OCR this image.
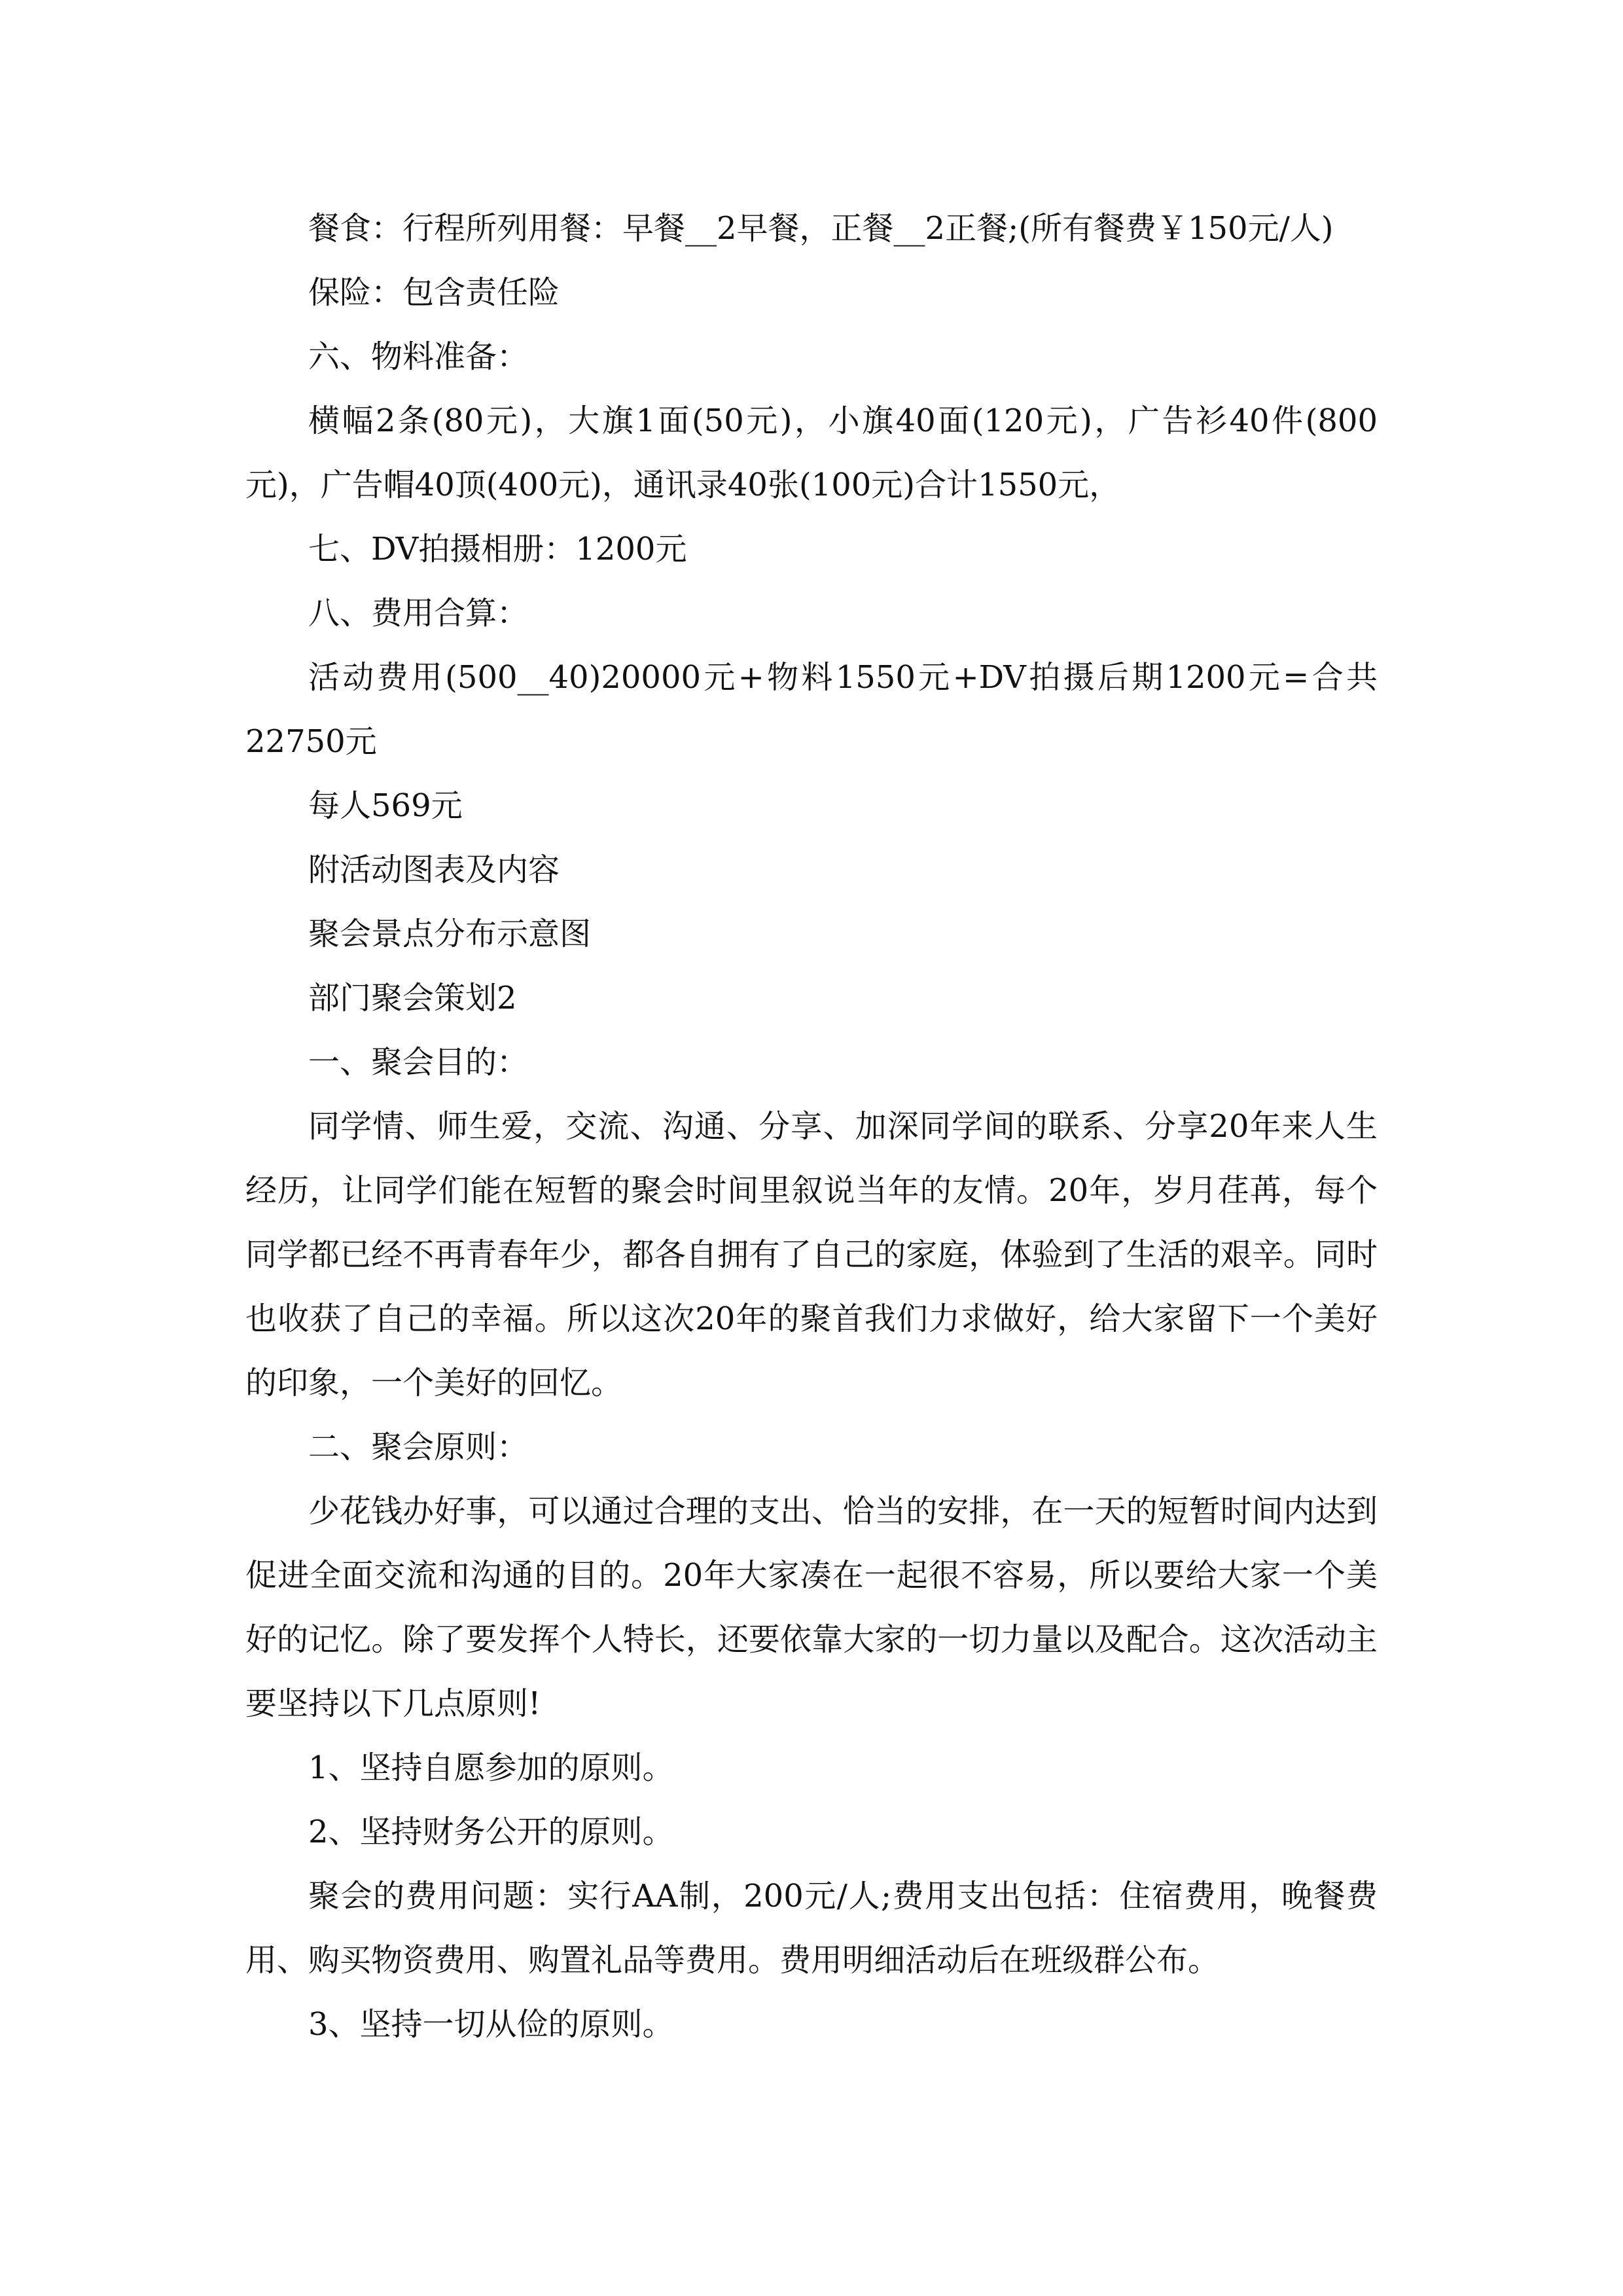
餐食：行程所列用餐：早餐__2早餐，正餐__2正餐;(所有餐费￥150元/人)

保险：包含责任险

六、物料准备：

横幅2条(80元)，大旗1面(50元)，小旗40面(120元)，广告衫40件(800元)，广告帽40顶(400元)，通讯录40张(100元)合计1550元，

七、DV拍摄相册：1200元

八、费用合算：

活动费用(500__40)20000元+物料1550元+DV拍摄后期1200元=合共22750元

每人569元

附活动图表及内容

聚会景点分布示意图

部门聚会策划2

一、聚会目的：

同学情、师生爱，交流、沟通、分享、加深同学间的联系、分享20年来人生经历，让同学们能在短暂的聚会时间里叙说当年的友情。20年，岁月荏苒，每个同学都已经不再青春年少，都各自拥有了自己的家庭，体验到了生活的艰辛。同时也收获了自己的幸福。所以这次20年的聚首我们力求做好，给大家留下一个美好的印象，一个美好的回忆。

二、聚会原则：

少花钱办好事，可以通过合理的支出、恰当的安排，在一天的短暂时间内达到促进全面交流和沟通的目的。20年大家凑在一起很不容易，所以要给大家一个美好的记忆。除了要发挥个人特长，还要依靠大家的一切力量以及配合。这次活动主要坚持以下几点原则!

1、坚持自愿参加的原则。

2、坚持财务公开的原则。

聚会的费用问题：实行AA制，200元/人;费用支出包括：住宿费用，晚餐费用、购买物资费用、购置礼品等费用。费用明细活动后在班级群公布。

3、坚持一切从俭的原则。
